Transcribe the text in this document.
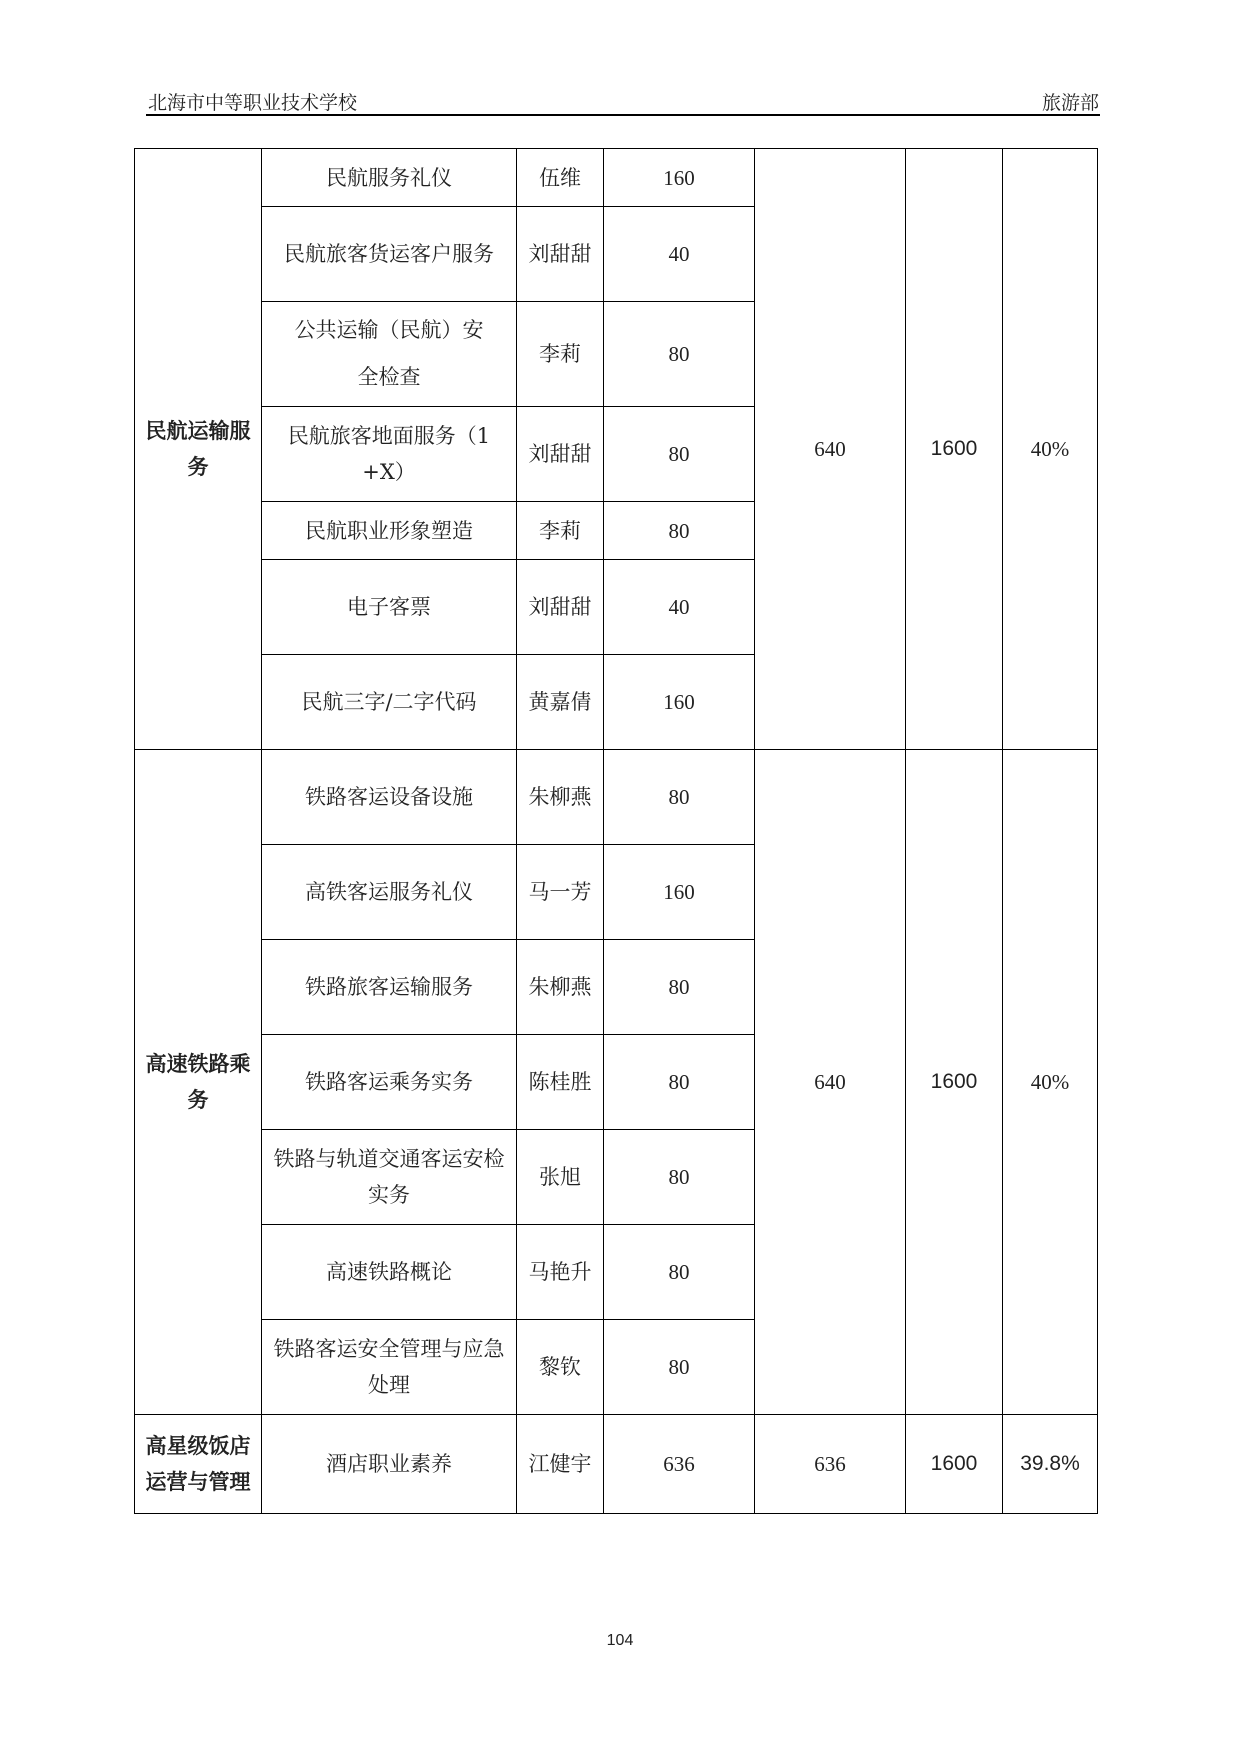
北海市中等职业技术学校	旅游部
民航运输服务	民航服务礼仪	伍维	160	640	1600	40%
	民航旅客货运客户服务	刘甜甜	40			
	公共运输（民航）安全检查	李莉	80			
	民航旅客地面服务（1+X）	刘甜甜	80			
	民航职业形象塑造	李莉	80			
	电子客票	刘甜甜	40			
	民航三字/二字代码	黄嘉倩	160			
高速铁路乘务	铁路客运设备设施	朱柳燕	80	640	1600	40%
	高铁客运服务礼仪	马一芳	160			
	铁路旅客运输服务	朱柳燕	80			
	铁路客运乘务实务	陈桂胜	80			
	铁路与轨道交通客运安检实务	张旭	80			
	高速铁路概论	马艳升	80			
	铁路客运安全管理与应急处理	黎钦	80			
高星级饭店运营与管理	酒店职业素养	江健宇	636	636	1600	39.8%
104
